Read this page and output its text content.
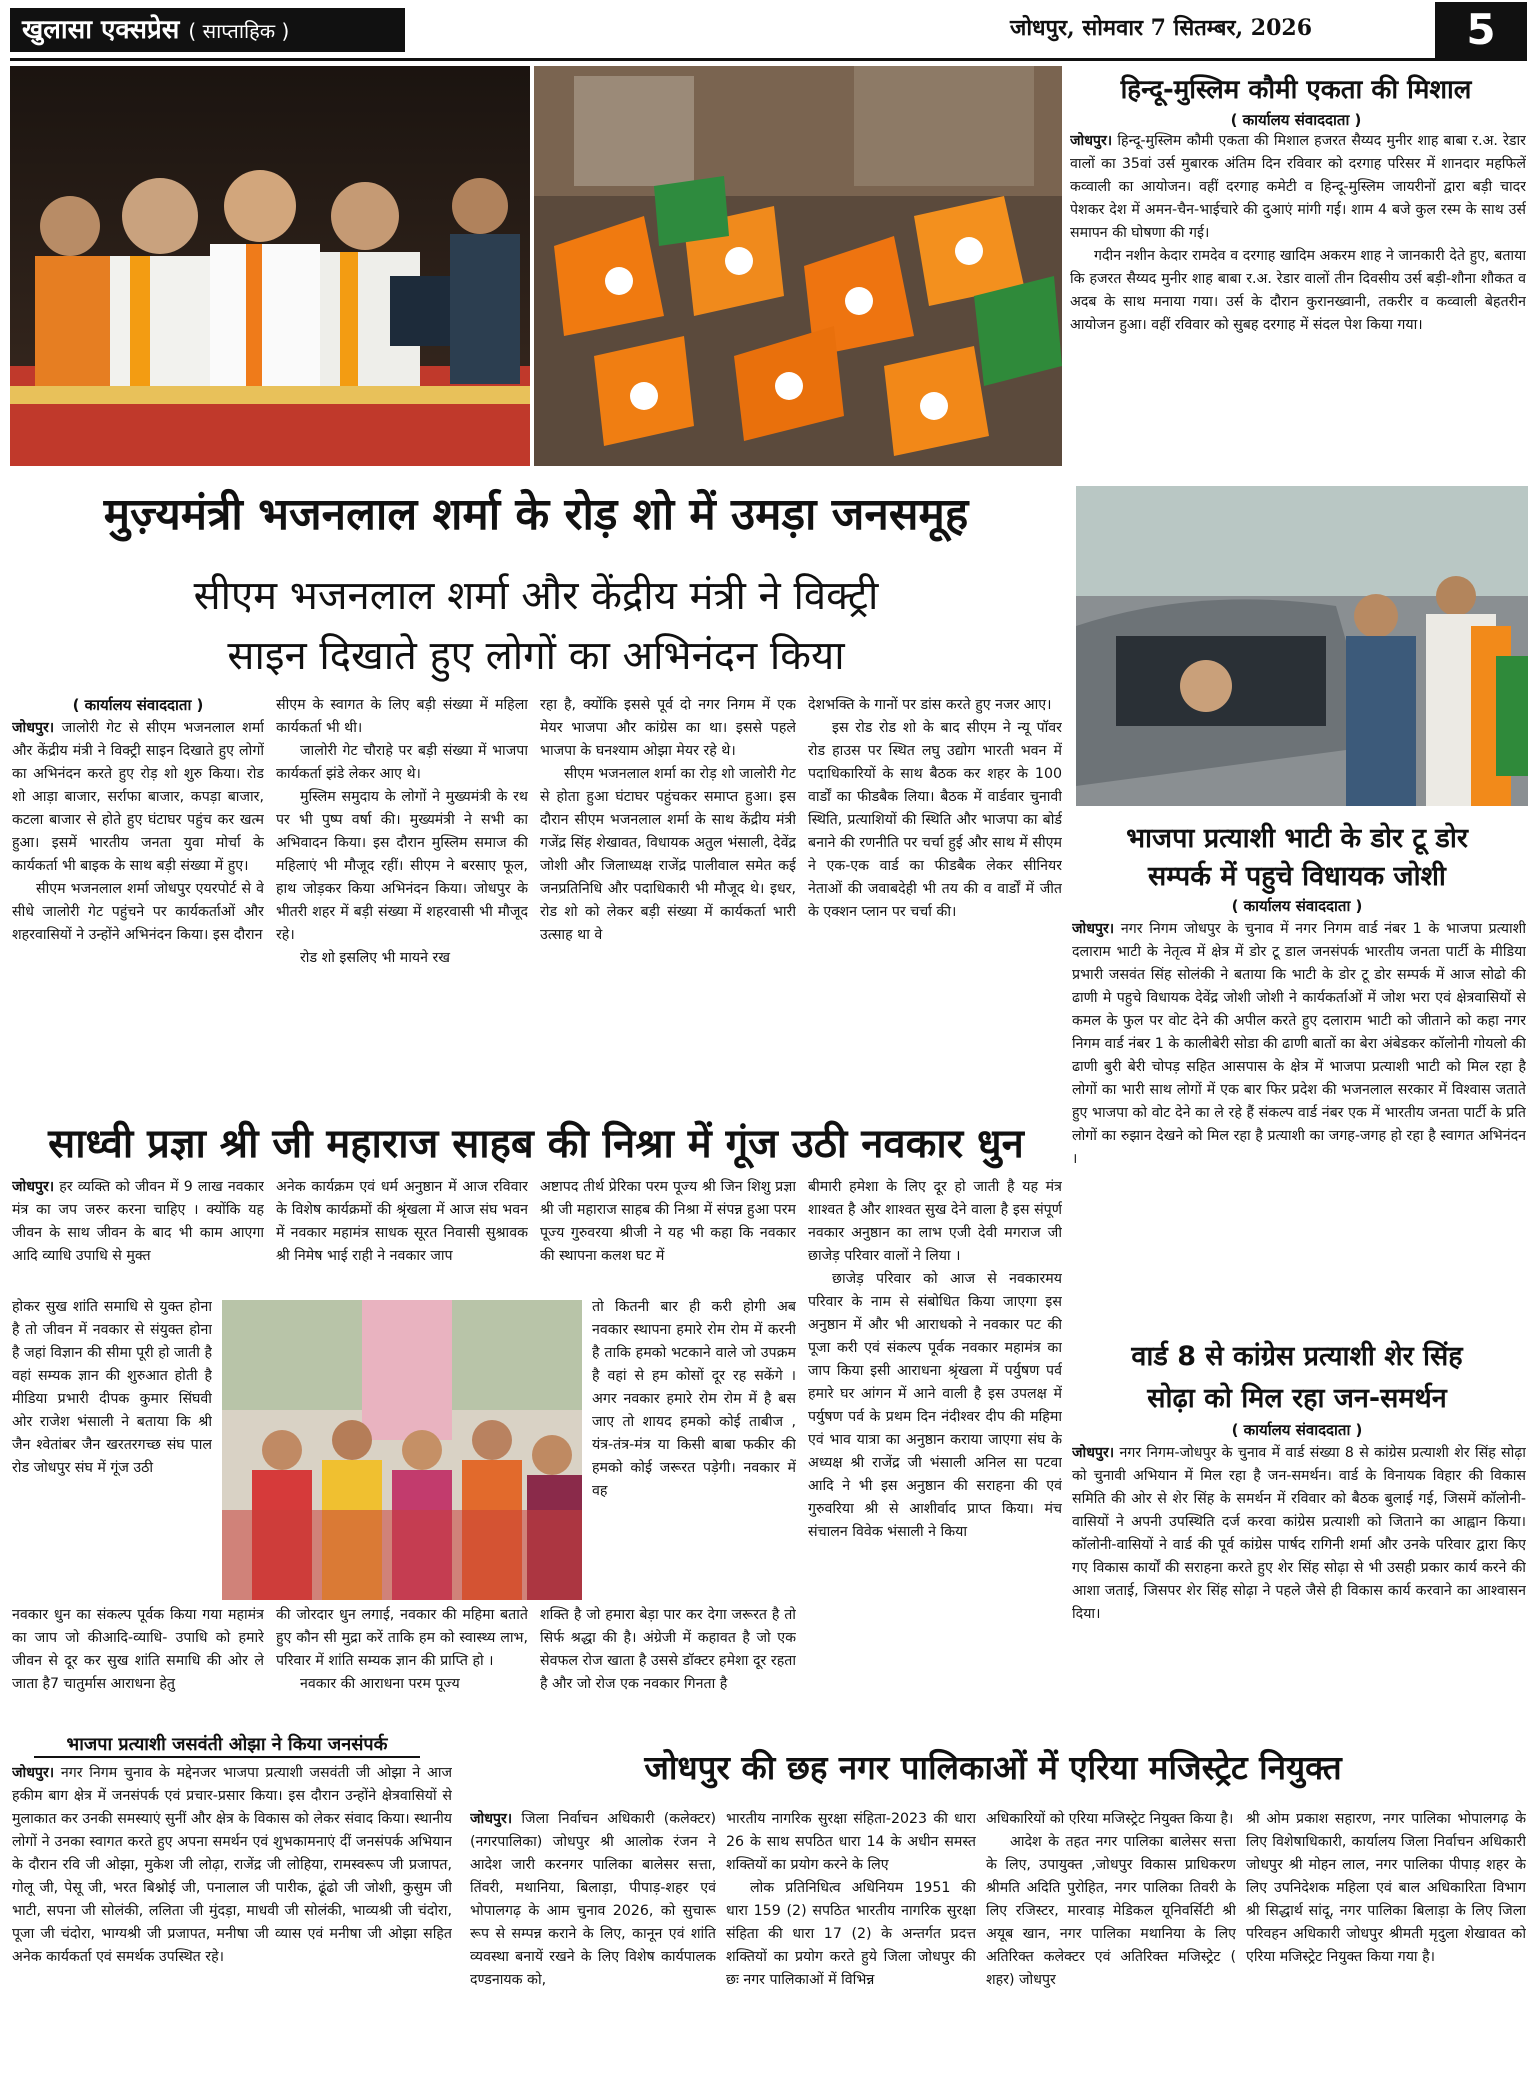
खुलासा एक्सप्रेस ( साप्ताहिक )	जोधपुर, सोमवार 7 सितम्बर, 2026	5
हिन्दू-मुस्लिम कौमी एकता की मिशाल
( कार्यालय संवाददाता )

जोधपुर। हिन्दू-मुस्लिम कौमी एकता की मिशाल हजरत सैय्यद मुनीर शाह बाबा र.अ. रेडार वालों का 35वां उर्स मुबारक अंतिम दिन रविवार को दरगाह परिसर में शानदार महफिलें कव्वाली का आयोजन। वहीं दरगाह कमेटी व हिन्दू-मुस्लिम जायरीनों द्वारा बड़ी चादर पेशकर देश में अमन-चैन-भाईचारे की दुआएं मांगी गई। शाम 4 बजे कुल रस्म के साथ उर्स समापन की घोषणा की गई।

गदीन नशीन केदार रामदेव व दरगाह खादिम अकरम शाह ने जानकारी देते हुए, बताया कि हजरत सैय्यद मुनीर शाह बाबा र.अ. रेडार वालों तीन दिवसीय उर्स बड़ी-शौना शौकत व अदब के साथ मनाया गया। उर्स के दौरान कुरानख्वानी, तकरीर व कव्वाली बेहतरीन आयोजन हुआ। वहीं रविवार को सुबह दरगाह में संदल पेश किया गया।

मुज़्यमंत्री भजनलाल शर्मा के रोड़ शो में उमड़ा जनसमूह
सीएम भजनलाल शर्मा और केंद्रीय मंत्री ने विक्ट्री
साइन दिखाते हुए लोगों का अभिनंदन किया
( कार्यालय संवाददाता )

जोधपुर। जालोरी गेट से सीएम भजनलाल शर्मा और केंद्रीय मंत्री ने विक्ट्री साइन दिखाते हुए लोगों का अभिनंदन करते हुए रोड़ शो शुरु किया। रोड शो आड़ा बाजार, सर्राफा बाजार, कपड़ा बाजार, कटला बाजार से होते हुए घंटाघर पहुंच कर खत्म हुआ। इसमें भारतीय जनता युवा मोर्चा के कार्यकर्ता भी बाइक के साथ बड़ी संख्या में हुए।

सीएम भजनलाल शर्मा जोधपुर एयरपोर्ट से वे सीधे जालोरी गेट पहुंचने पर कार्यकर्ताओं और शहरवासियों ने उन्होंने अभिनंदन किया। इस दौरान

सीएम के स्वागत के लिए बड़ी संख्या में महिला कार्यकर्ता भी थी।

जालोरी गेट चौराहे पर बड़ी संख्या में भाजपा कार्यकर्ता झंडे लेकर आए थे।

मुस्लिम समुदाय के लोगों ने मुख्यमंत्री के रथ पर भी पुष्प वर्षा की। मुख्यमंत्री ने सभी का अभिवादन किया। इस दौरान मुस्लिम समाज की महिलाएं भी मौजूद रहीं। सीएम ने बरसाए फूल, हाथ जोड़कर किया अभिनंदन किया। जोधपुर के भीतरी शहर में बड़ी संख्या में शहरवासी भी मौजूद रहे।

रोड शो इसलिए भी मायने रख

रहा है, क्योंकि इससे पूर्व दो नगर निगम में एक मेयर भाजपा और कांग्रेस का था। इससे पहले भाजपा के घनश्याम ओझा मेयर रहे थे।

सीएम भजनलाल शर्मा का रोड़ शो जालोरी गेट से होता हुआ घंटाघर पहुंचकर समाप्त हुआ। इस दौरान सीएम भजनलाल शर्मा के साथ केंद्रीय मंत्री गजेंद्र सिंह शेखावत, विधायक अतुल भंसाली, देवेंद्र जोशी और जिलाध्यक्ष राजेंद्र पालीवाल समेत कई जनप्रतिनिधि और पदाधिकारी भी मौजूद थे। इधर, रोड शो को लेकर बड़ी संख्या में कार्यकर्ता भारी उत्साह था वे

देशभक्ति के गानों पर डांस करते हुए नजर आए।

इस रोड रोड शो के बाद सीएम ने न्यू पॉवर रोड हाउस पर स्थित लघु उद्योग भारती भवन में पदाधिकारियों के साथ बैठक कर शहर के 100 वार्डों का फीडबैक लिया। बैठक में वार्डवार चुनावी स्थिति, प्रत्याशियों की स्थिति और भाजपा का बोर्ड बनाने की रणनीति पर चर्चा हुई और साथ में सीएम ने एक-एक वार्ड का फीडबैक लेकर सीनियर नेताओं की जवाबदेही भी तय की व वार्डों में जीत के एक्शन प्लान पर चर्चा की।

भाजपा प्रत्याशी भाटी के डोर टू डोर
सम्पर्क में पहुचे विधायक जोशी
( कार्यालय संवाददाता )

जोधपुर। नगर निगम जोधपुर के चुनाव में नगर निगम वार्ड नंबर 1 के भाजपा प्रत्याशी दलाराम भाटी के नेतृत्व में क्षेत्र में डोर टू डाल जनसंपर्क भारतीय जनता पार्टी के मीडिया प्रभारी जसवंत सिंह सोलंकी ने बताया कि भाटी के डोर टू डोर सम्पर्क में आज सोढो की ढाणी मे पहुचे विधायक देवेंद्र जोशी जोशी ने कार्यकर्ताओं में जोश भरा एवं क्षेत्रवासियों से कमल के फुल पर वोट देने की अपील करते हुए दलाराम भाटी को जीताने को कहा नगर निगम वार्ड नंबर 1 के कालीबेरी सोडा की ढाणी बातों का बेरा अंबेडकर कॉलोनी गोयलो की ढाणी बुरी बेरी चोपड़ सहित आसपास के क्षेत्र में भाजपा प्रत्याशी भाटी को मिल रहा है लोगों का भारी साथ लोगों में एक बार फिर प्रदेश की भजनलाल सरकार में विश्वास जताते हुए भाजपा को वोट देने का ले रहे हैं संकल्प वार्ड नंबर एक में भारतीय जनता पार्टी के प्रति लोगों का रुझान देखने को मिल रहा है प्रत्याशी का जगह-जगह हो रहा है स्वागत अभिनंदन ।

साध्वी प्रज्ञा श्री जी महाराज साहब की निश्रा में गूंज उठी नवकार धुन

जोधपुर। हर व्यक्ति को जीवन में 9 लाख नवकार मंत्र का जप जरुर करना चाहिए । क्योंकि यह जीवन के साथ जीवन के बाद भी काम आएगा आदि व्याधि उपाधि से मुक्त

होकर सुख शांति समाधि से युक्त होना है तो जीवन में नवकार से संयुक्त होना है जहां विज्ञान की सीमा पूरी हो जाती है वहां सम्यक ज्ञान की शुरुआत होती है मीडिया प्रभारी दीपक कुमार सिंघवी ओर राजेश भंसाली ने बताया कि श्री जैन श्वेतांबर जैन खरतरगच्छ संघ पाल रोड जोधपुर संघ में गूंज उठी

नवकार धुन का संकल्प पूर्वक किया गया महामंत्र का जाप जो कीआदि-व्याधि- उपाधि को हमारे जीवन से दूर कर सुख शांति समाधि की ओर ले जाता है7 चातुर्मास आराधना हेतु

अनेक कार्यक्रम एवं धर्म अनुष्ठान में आज रविवार के विशेष कार्यक्रमों की श्रृंखला में आज संघ भवन में नवकार महामंत्र साधक सूरत निवासी सुश्रावक श्री निमेष भाई राही ने नवकार जाप

की जोरदार धुन लगाई, नवकार की महिमा बताते हुए कौन सी मुद्रा करें ताकि हम को स्वास्थ्य लाभ, परिवार में शांति सम्यक ज्ञान की प्राप्ति हो ।

नवकार की आराधना परम पूज्य

अष्टापद तीर्थ प्रेरिका परम पूज्य श्री जिन शिशु प्रज्ञा श्री जी महाराज साहब की निश्रा में संपन्न हुआ परम पूज्य गुरुवरया श्रीजी ने यह भी कहा कि नवकार की स्थापना कलश घट में

तो कितनी बार ही करी होगी अब नवकार स्थापना हमारे रोम रोम में करनी है ताकि हमको भटकाने वाले जो उपक्रम है वहां से हम कोसों दूर रह सकेंगे । अगर नवकार हमारे रोम रोम में है बस जाए तो शायद हमको कोई ताबीज , यंत्र-तंत्र-मंत्र या किसी बाबा फकीर की हमको कोई जरूरत पड़ेगी। नवकार में वह

शक्ति है जो हमारा बेड़ा पार कर देगा जरूरत है तो सिर्फ श्रद्धा की है। अंग्रेजी में कहावत है जो एक सेवफल रोज खाता है उससे डॉक्टर हमेशा दूर रहता है और जो रोज एक नवकार गिनता है

बीमारी हमेशा के लिए दूर हो जाती है यह मंत्र शाश्वत है और शाश्वत सुख देने वाला है इस संपूर्ण नवकार अनुष्ठान का लाभ एजी देवी मगराज जी छाजेड़ परिवार वालों ने लिया ।

छाजेड़ परिवार को आज से नवकारमय परिवार के नाम से संबोधित किया जाएगा इस अनुष्ठान में और भी आराधको ने नवकार पट की पूजा करी एवं संकल्प पूर्वक नवकार महामंत्र का जाप किया इसी आराधना श्रृंखला में पर्युषण पर्व हमारे घर आंगन में आने वाली है इस उपलक्ष में पर्युषण पर्व के प्रथम दिन नंदीश्वर दीप की महिमा एवं भाव यात्रा का अनुष्ठान कराया जाएगा संघ के अध्यक्ष श्री राजेंद्र जी भंसाली अनिल सा पटवा आदि ने भी इस अनुष्ठान की सराहना की एवं गुरुवरिया श्री से आशीर्वाद प्राप्त किया। मंच संचालन विवेक भंसाली ने किया

वार्ड 8 से कांग्रेस प्रत्याशी शेर सिंह
सोढ़ा को मिल रहा जन-समर्थन
( कार्यालय संवाददाता )

जोधपुर। नगर निगम-जोधपुर के चुनाव में वार्ड संख्या 8 से कांग्रेस प्रत्याशी शेर सिंह सोढ़ा को चुनावी अभियान में मिल रहा है जन-समर्थन। वार्ड के विनायक विहार की विकास समिति की ओर से शेर सिंह के समर्थन में रविवार को बैठक बुलाई गई, जिसमें कॉलोनी-वासियों ने अपनी उपस्थिति दर्ज करवा कांग्रेस प्रत्याशी को जिताने का आह्वान किया। कॉलोनी-वासियों ने वार्ड की पूर्व कांग्रेस पार्षद रागिनी शर्मा और उनके परिवार द्वारा किए गए विकास कार्यों की सराहना करते हुए शेर सिंह सोढ़ा से भी उसही प्रकार कार्य करने की आशा जताई, जिसपर शेर सिंह सोढ़ा ने पहले जैसे ही विकास कार्य करवाने का आश्वासन दिया।

भाजपा प्रत्याशी जसवंती ओझा ने किया जनसंपर्क

जोधपुर। नगर निगम चुनाव के मद्देनजर भाजपा प्रत्याशी जसवंती जी ओझा ने आज हकीम बाग क्षेत्र में जनसंपर्क एवं प्रचार-प्रसार किया। इस दौरान उन्होंने क्षेत्रवासियों से मुलाकात कर उनकी समस्याएं सुनीं और क्षेत्र के विकास को लेकर संवाद किया। स्थानीय लोगों ने उनका स्वागत करते हुए अपना समर्थन एवं शुभकामनाएं दीं जनसंपर्क अभियान के दौरान रवि जी ओझा, मुकेश जी लोढ़ा, राजेंद्र जी लोहिया, रामस्वरूप जी प्रजापत, गोलू जी, पेसू जी, भरत बिश्नोई जी, पनालाल जी पारीक, ढूंढो जी जोशी, कुसुम जी भाटी, सपना जी सोलंकी, ललिता जी मुंदड़ा, माधवी जी सोलंकी, भाव्यश्री जी चंदोरा, पूजा जी चंदोरा, भाग्यश्री जी प्रजापत, मनीषा जी व्यास एवं मनीषा जी ओझा सहित अनेक कार्यकर्ता एवं समर्थक उपस्थित रहे।

जोधपुर की छह नगर पालिकाओं में एरिया मजिस्ट्रेट नियुक्त

जोधपुर। जिला निर्वाचन अधिकारी (कलेक्टर) (नगरपालिका) जोधपुर श्री आलोक रंजन ने आदेश जारी करनगर पालिका बालेसर सत्ता, तिंवरी, मथानिया, बिलाड़ा, पीपाड़-शहर एवं भोपालगढ़ के आम चुनाव 2026, को सुचारू रूप से सम्पन्न कराने के लिए, कानून एवं शांति व्यवस्था बनायें रखने के लिए विशेष कार्यपालक दण्डनायक को,

भारतीय नागरिक सुरक्षा संहिता-2023 की धारा 26 के साथ सपठित धारा 14 के अधीन समस्त शक्तियों का प्रयोग करने के लिए

लोक प्रतिनिधित्व अधिनियम 1951 की धारा 159 (2) सपठित भारतीय नागरिक सुरक्षा संहिता की धारा 17 (2) के अन्तर्गत प्रदत्त शक्तियों का प्रयोग करते हुये जिला जोधपुर की छः नगर पालिकाओं में विभिन्न

अधिकारियों को एरिया मजिस्ट्रेट नियुक्त किया है।

आदेश के तहत नगर पालिका बालेसर सत्ता के लिए, उपायुक्त ,जोधपुर विकास प्राधिकरण श्रीमति अदिति पुरोहित, नगर पालिका तिवरी के लिए रजिस्टर, मारवाड़ मेडिकल यूनिवर्सिटी श्री अयूब खान, नगर पालिका मथानिया के लिए अतिरिक्त कलेक्टर एवं अतिरिक्त मजिस्ट्रेट ( शहर) जोधपुर

श्री ओम प्रकाश सहारण, नगर पालिका भोपालगढ़ के लिए विशेषाधिकारी, कार्यालय जिला निर्वाचन अधिकारी जोधपुर श्री मोहन लाल, नगर पालिका पीपाड़ शहर के लिए उपनिदेशक महिला एवं बाल अधिकारिता विभाग श्री सिद्धार्थ सांदू, नगर पालिका बिलाड़ा के लिए जिला परिवहन अधिकारी जोधपुर श्रीमती मृदुला शेखावत को एरिया मजिस्ट्रेट नियुक्त किया गया है।
